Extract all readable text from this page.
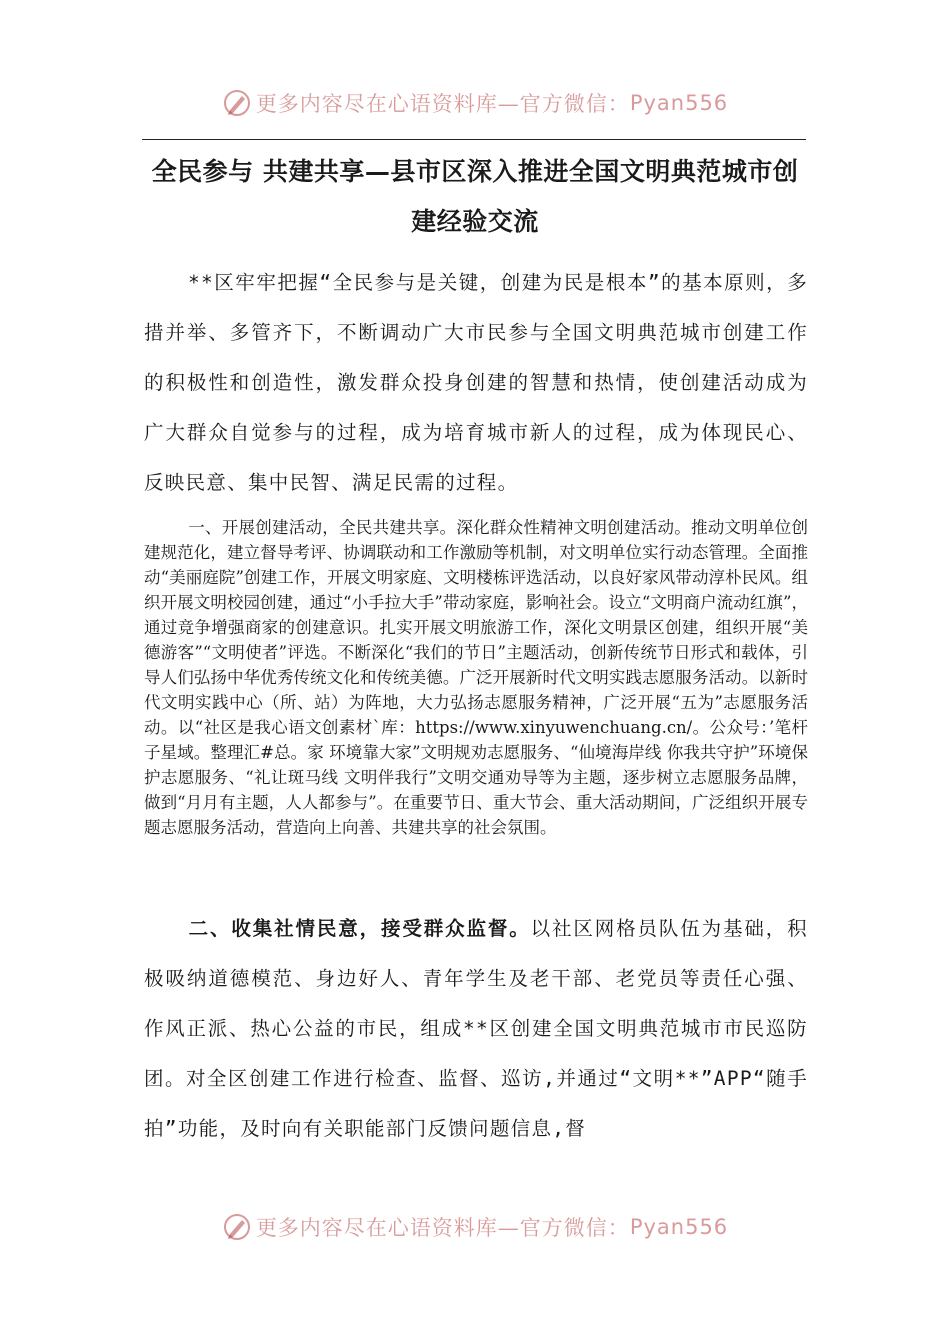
更多内容尽在心语资料库—官方微信：Pyan556
全民参与 共建共享—县市区深入推进全国文明典范城市创
建经验交流

**区牢牢把握“全民参与是关键，创建为民是根本”的基本原则，多措并举、多管齐下，不断调动广大市民参与全国文明典范城市创建工作的积极性和创造性，激发群众投身创建的智慧和热情，使创建活动成为广大群众自觉参与的过程，成为培育城市新人的过程，成为体现民心、反映民意、集中民智、满足民需的过程。

一、开展创建活动，全民共建共享。深化群众性精神文明创建活动。推动文明单位创建规范化，建立督导考评、协调联动和工作激励等机制，对文明单位实行动态管理。全面推动“美丽庭院”创建工作，开展文明家庭、文明楼栋评选活动，以良好家风带动淳朴民风。组织开展文明校园创建，通过“小手拉大手”带动家庭，影响社会。设立“文明商户流动红旗”，通过竞争增强商家的创建意识。扎实开展文明旅游工作，深化文明景区创建，组织开展“美德游客”“文明使者”评选。不断深化“我们的节日”主题活动，创新传统节日形式和载体，引导人们弘扬中华优秀传统文化和传统美德。广泛开展新时代文明实践志愿服务活动。以新时代文明实践中心（所、站）为阵地，大力弘扬志愿服务精神，广泛开展“五为”志愿服务活动。以“社区是我心语文创素材`库：https://www.xinyuwenchuang.cn/。公众号：’笔杆子星域。整理汇#总。家 环境靠大家”文明规劝志愿服务、“仙境海岸线 你我共守护”环境保护志愿服务、“礼让斑马线 文明伴我行”文明交通劝导等为主题，逐步树立志愿服务品牌，做到“月月有主题，人人都参与”。在重要节日、重大节会、重大活动期间，广泛组织开展专题志愿服务活动，营造向上向善、共建共享的社会氛围。

二、收集社情民意，接受群众监督。以社区网格员队伍为基础，积极吸纳道德模范、身边好人、青年学生及老干部、老党员等责任心强、作风正派、热心公益的市民，组成**区创建全国文明典范城市市民巡防团。对全区创建工作进行检查、监督、巡访,并通过“文明**”APP“随手拍”功能，及时向有关职能部门反馈问题信息,督

更多内容尽在心语资料库—官方微信：Pyan556
